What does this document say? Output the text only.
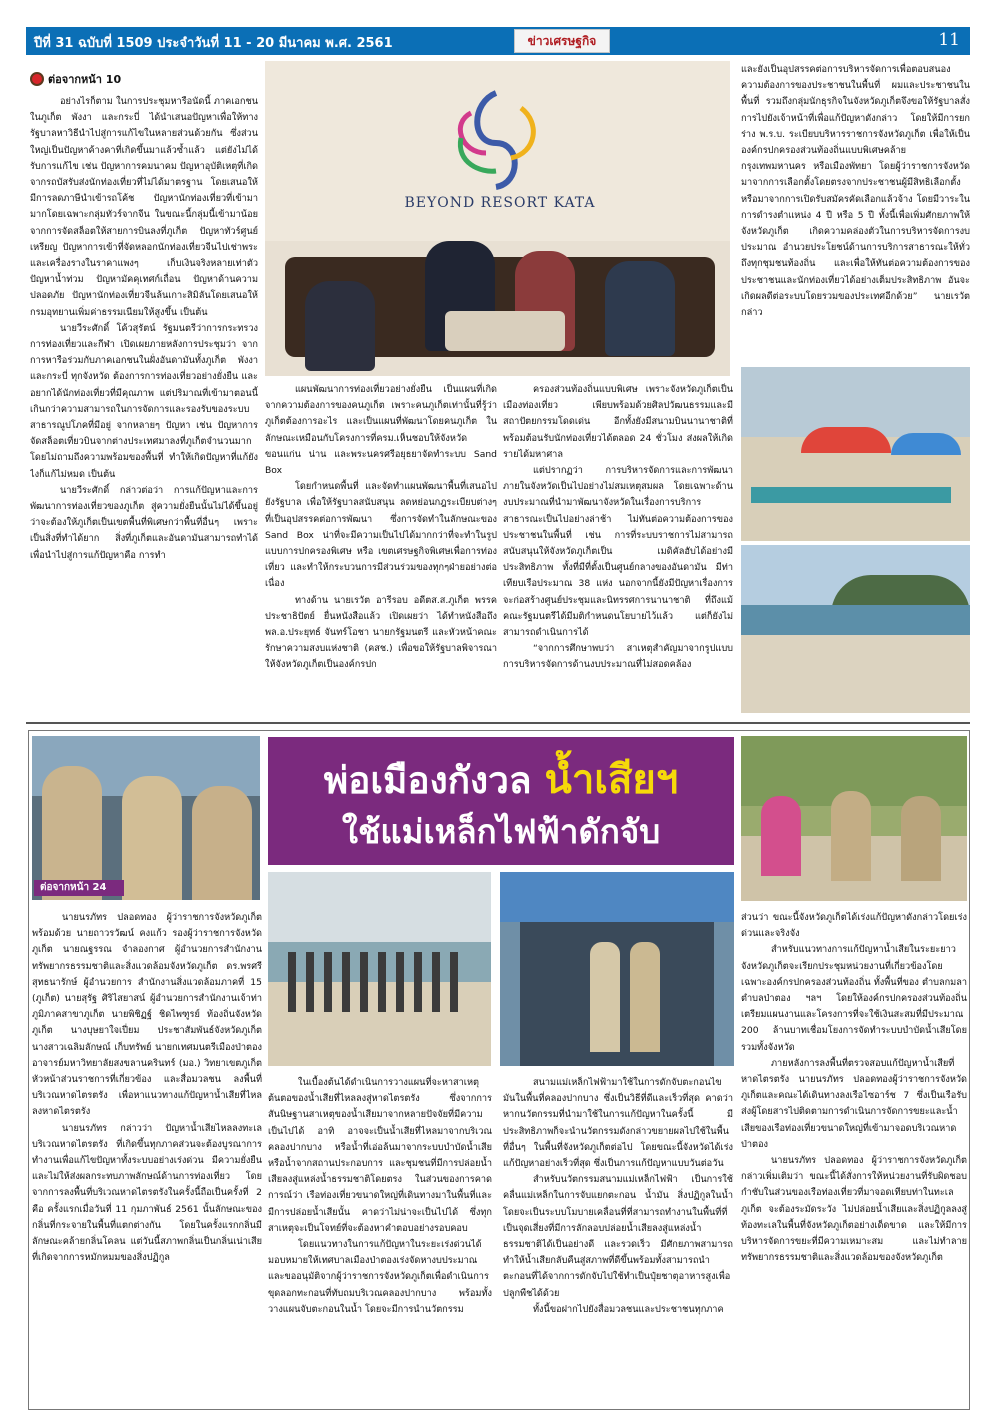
ปีที่ 31 ฉบับที่ 1509 ประจำวันที่ 11 - 20 มีนาคม พ.ศ. 2561	ข่าวเศรษฐกิจ	11
ต่อจากหน้า 10

อย่างไรก็ตาม ในการประชุมหารือนัดนี้ ภาคเอกชนในภูเก็ต พังงา และกระบี่ ได้นำเสนอปัญหาเพื่อให้ทางรัฐบาลหาวิธีนำไปสู่การแก้ไขในหลายส่วนด้วยกัน ซึ่งส่วนใหญ่เป็นปัญหาค้างคาที่เกิดขึ้นมาแล้วซ้ำแล้ว แต่ยังไม่ได้รับการแก้ไข เช่น ปัญหาการคมนาคม ปัญหาอุบัติเหตุที่เกิดจากรถบัสรับส่งนักท่องเที่ยวที่ไม่ได้มาตรฐาน โดยเสนอให้มีการลดภาษีนำเข้ารถโค้ช ปัญหานักท่องเที่ยวที่เข้ามามากโดยเฉพาะกลุ่มทัวร์จากจีน ในขณะนี้กลุ่มนี้เข้ามาน้อยจากการจัดสล็อตให้สายการบินลงที่ภูเก็ต ปัญหาทัวร์ศูนย์เหรียญ ปัญหาการเข้าที่จัดหลอกนักท่องเที่ยวจีนไปเช่าพระ และเครื่องรางในราคาแพงๆ เก็บเงินจริงหลายเท่าตัว ปัญหาน้ำท่วม ปัญหามัคคุเทศก์เถื่อน ปัญหาด้านความปลอดภัย ปัญหานักท่องเที่ยวจีนล้นเกาะสิมิลันโดยเสนอให้กรมอุทยานเพิ่มค่าธรรมเนียมให้สูงขึ้น เป็นต้น

นายวีระศักดิ์ โค้วสุรัตน์ รัฐมนตรีว่าการกระทรวงการท่องเที่ยวและกีฬา เปิดเผยภายหลังการประชุมว่า จากการหารือร่วมกับภาคเอกชนในฝั่งอันดามันทั้งภูเก็ต พังงา และกระบี่ ทุกจังหวัด ต้องการการท่องเที่ยวอย่างยั่งยืน และอยากได้นักท่องเที่ยวที่มีคุณภาพ แต่ปริมาณที่เข้ามาตอนนี้เกินกว่าความสามารถในการจัดการและรองรับของระบบสาธารณูปโภคที่มีอยู่ จากหลายๆ ปัญหา เช่น ปัญหาการจัดสล็อตเที่ยวบินจากต่างประเทศมาลงที่ภูเก็ตจำนวนมาก โดยไม่ถามถึงความพร้อมของพื้นที่ ทำให้เกิดปัญหาที่แก้ยังไงก็แก้ไม่หมด เป็นต้น

นายวีระศักดิ์ กล่าวต่อว่า การแก้ปัญหาและการพัฒนาการท่องเที่ยวของภูเก็ต สู่ความยั่งยืนนั้นไม่ได้ขึ้นอยู่ว่าจะต้องให้ภูเก็ตเป็นเขตพื้นที่พิเศษกว่าพื้นที่อื่นๆ เพราะเป็นสิ่งที่ทำได้ยาก สิ่งที่ภูเก็ตและอันดามันสามารถทำได้เพื่อนำไปสู่การแก้ปัญหาคือ การทำ

BEYOND RESORT KATA

แผนพัฒนาการท่องเที่ยวอย่างยั่งยืน เป็นแผนที่เกิดจากความต้องการของคนภูเก็ต เพราะคนภูเก็ตเท่านั้นที่รู้ว่าภูเก็ตต้องการอะไร และเป็นแผนที่พัฒนาโดยคนภูเก็ต ในลักษณะเหมือนกับโครงการที่ครม.เห็นชอบให้จังหวัดขอนแก่น น่าน และพระนครศรีอยุธยาจัดทำระบบ Sand Box

โดยกำหนดพื้นที่ และจัดทำแผนพัฒนาพื้นที่เสนอไปยังรัฐบาล เพื่อให้รัฐบาลสนับสนุน ลดหย่อนกฎระเบียบต่างๆ ที่เป็นอุปสรรคต่อการพัฒนา ซึ่งการจัดทำในลักษณะของ Sand Box น่าที่จะมีความเป็นไปได้มากกว่าที่จะทำในรูปแบบการปกครองพิเศษ หรือ เขตเศรษฐกิจพิเศษเพื่อการท่องเที่ยว และทำให้กระบวนการมีส่วนร่วมของทุกๆฝ่ายอย่างต่อเนื่อง

ทางด้าน นายเรวัต อารีรอบ อดีตส.ส.ภูเก็ต พรรคประชาธิปัตย์ ยื่นหนังสือแล้ว เปิดเผยว่า ได้ทำหนังสือถึงพล.อ.ประยุทธ์ จันทร์โอชา นายกรัฐมนตรี และหัวหน้าคณะรักษาความสงบแห่งชาติ (คสช.) เพื่อขอให้รัฐบาลพิจารณาให้จังหวัดภูเก็ตเป็นองค์กรปก

ครองส่วนท้องถิ่นแบบพิเศษ เพราะจังหวัดภูเก็ตเป็นเมืองท่องเที่ยว เพียบพร้อมด้วยศิลปวัฒนธรรมและมีสถาปัตยกรรมโดดเด่น อีกทั้งยังมีสนามบินนานาชาติที่พร้อมต้อนรับนักท่องเที่ยวได้ตลอด 24 ชั่วโมง ส่งผลให้เกิดรายได้มหาศาล

แต่ปรากฏว่า การบริหารจัดการและการพัฒนาภายในจังหวัดเป็นไปอย่างไม่สมเหตุสมผล โดยเฉพาะด้านงบประมาณที่นำมาพัฒนาจังหวัดในเรื่องการบริการสาธารณะเป็นไปอย่างล่าช้า ไม่ทันต่อความต้องการของประชาชนในพื้นที่ เช่น การที่ระบบราชการไม่สามารถสนับสนุนให้จังหวัดภูเก็ตเป็น เมดิคัลฮับได้อย่างมีประสิทธิภาพ ทั้งที่มีที่ตั้งเป็นศูนย์กลางของอันดามัน มีท่าเทียบเรือประมาณ 38 แห่ง นอกจากนี้ยังมีปัญหาเรื่องการจะก่อสร้างศูนย์ประชุมและนิทรรศการนานาชาติ ที่ถึงแม้คณะรัฐมนตรีได้มีมติกำหนดนโยบายไว้แล้ว แต่ก็ยังไม่สามารถดำเนินการได้

“จากการศึกษาพบว่า สาเหตุสำคัญมาจากรูปแบบการบริหารจัดการด้านงบประมาณที่ไม่สอดคล้อง

และยังเป็นอุปสรรคต่อการบริหารจัดการเพื่อตอบสนองความต้องการของประชาชนในพื้นที่ ผมและประชาชนในพื้นที่ รวมถึงกลุ่มนักธุรกิจในจังหวัดภูเก็ตจึงขอให้รัฐบาลสั่งการไปยังเจ้าหน้าที่เพื่อแก้ปัญหาดังกล่าว โดยให้มีการยกร่าง พ.ร.บ. ระเบียบบริหารราชการจังหวัดภูเก็ต เพื่อให้เป็นองค์กรปกครองส่วนท้องถิ่นแบบพิเศษคล้ายกรุงเทพมหานคร หรือเมืองพัทยา โดยผู้ว่าราชการจังหวัดมาจากการเลือกตั้งโดยตรงจากประชาชนผู้มีสิทธิเลือกตั้ง หรือมาจากการเปิดรับสมัครคัดเลือกแล้วจ้าง โดยมีวาระในการดำรงตำแหน่ง 4 ปี หรือ 5 ปี ทั้งนี้เพื่อเพิ่มศักยภาพให้จังหวัดภูเก็ต เกิดความคล่องตัวในการบริหารจัดการงบประมาณ อำนวยประโยชน์ด้านการบริการสาธารณะให้ทั่วถึงทุกชุมชนท้องถิ่น และเพื่อให้ทันต่อความต้องการของประชาชนและนักท่องเที่ยวได้อย่างเต็มประสิทธิภาพ อันจะเกิดผลดีต่อระบบโดยรวมของประเทศอีกด้วย” นายเรวัตกล่าว

ต่อจากหน้า 24
พ่อเมืองกังวล น้ำเสียฯ
ใช้แม่เหล็กไฟฟ้าดักจับ

นายนรภัทร ปลอดทอง ผู้ว่าราชการจังหวัดภูเก็ต พร้อมด้วย นายถาวรวัฒน์ คงแก้ว รองผู้ว่าราชการจังหวัดภูเก็ต นายณฐรรณ จำลองกาศ ผู้อำนวยการสำนักงานทรัพยากรธรรมชาติและสิ่งแวดล้อมจังหวัดภูเก็ต ดร.พรศรี สุทธนารักษ์ ผู้อำนวยการ สำนักงานสิ่งแวดล้อมภาคที่ 15 (ภูเก็ต) นายสุรัฐ ศิริไสยาสน์ ผู้อำนวยการสำนักงานเจ้าท่า ภูมิภาคสาขาภูเก็ต นายพิชิฏฐ์ ชิดไพฑูรย์ ท้องถิ่นจังหวัดภูเก็ต นางบุษยาใจเปี่ยม ประชาสัมพันธ์จังหวัดภูเก็ต นางสาวเฉลิมลักษณ์ เก็บทรัพย์ นายกเทศมนตรีเมืองป่าตอง อาจารย์มหาวิทยาลัยสงขลานครินทร์ (มอ.) วิทยาเขตภูเก็ต หัวหน้าส่วนราชการที่เกี่ยวข้อง และสื่อมวลชน ลงพื้นที่บริเวณหาดไตรตรัง เพื่อหาแนวทางแก้ปัญหาน้ำเสียที่ไหลลงหาดไตรตรัง

นายนรภัทร กล่าวว่า ปัญหาน้ำเสียไหลลงทะเลบริเวณหาดไตรตรัง ที่เกิดขึ้นทุกภาคส่วนจะต้องบูรณาการทำงานเพื่อแก้ไขปัญหาทั้งระบบอย่างเร่งด่วน มีความยั่งยืน และไม่ให้ส่งผลกระทบภาพลักษณ์ด้านการท่องเที่ยว โดยจากการลงพื้นที่บริเวณหาดไตรตรังในครั้งนี้ถือเป็นครั้งที่ 2 คือ ครั้งแรกเมื่อวันที่ 11 กุมภาพันธ์ 2561 นั้นลักษณะของกลิ่นที่กระจายในพื้นที่แตกต่างกัน โดยในครั้งแรกกลิ่นมีลักษณะคล้ายกลิ่นโคลน แต่วันนี้สภาพกลิ่นเป็นกลิ่นเน่าเสียที่เกิดจากการหมักหมมของสิ่งปฏิกูล

ในเบื้องต้นได้ดำเนินการวางแผนที่จะหาสาเหตุต้นตอของน้ำเสียที่ไหลลงสู่หาดไตรตรัง ซึ่งจากการสันนิษฐานสาเหตุของน้ำเสียมาจากหลายปัจจัยที่มีความเป็นไปได้ อาทิ อาจจะเป็นน้ำเสียที่ไหลมาจากบริเวณคลองปากบาง หรือน้ำที่เอ่อล้นมาจากระบบบำบัดน้ำเสีย หรือน้ำจากสถานประกอบการ และชุมชนที่มีการปล่อยน้ำเสียลงสู่แหล่งน้ำธรรมชาติโดยตรง ในส่วนของการคาดการณ์ว่า เรือท่องเที่ยวขนาดใหญ่ที่เดินทางมาในพื้นที่และมีการปล่อยน้ำเสียนั้น คาดว่าไม่น่าจะเป็นไปได้ ซึ่งทุกสาเหตุจะเป็นโจทย์ที่จะต้องหาคำตอบอย่างรอบคอบ

โดยแนวทางในการแก้ปัญหาในระยะเร่งด่วนได้มอบหมายให้เทศบาลเมืองป่าตองเร่งจัดหางบประมาณ และขออนุมัติจากผู้ว่าราชการจังหวัดภูเก็ตเพื่อดำเนินการขุดลอกทะกอนที่ทับถมบริเวณคลองปากบาง พร้อมทั้งวางแผนจับตะกอนในน้ำ โดยจะมีการนำนวัตกรรม

สนามแม่เหล็กไฟฟ้ามาใช้ในการดักจับตะกอนไขมันในพื้นที่คลองปากบาง ซึ่งเป็นวิธีที่ดีและเร็วที่สุด คาดว่าหากนวัตกรรมที่นำมาใช้ในการแก้ปัญหาในครั้งนี้ มีประสิทธิภาพก็จะนำนวัตกรรมดังกล่าวขยายผลไปใช้ในพื้นที่อื่นๆ ในพื้นที่จังหวัดภูเก็ตต่อไป โดยขณะนี้จังหวัดได้เร่งแก้ปัญหาอย่างเร็วที่สุด ซึ่งเป็นการแก้ปัญหาแบบวันต่อวัน

สำหรับนวัตกรรมสนามแม่เหล็กไฟฟ้า เป็นการใช้คลื่นแม่เหล็กในการจับแยกตะกอน น้ำมัน สิ่งปฏิกูลในน้ำ โดยจะเป็นระบบโมบายเคลื่อนที่ที่สามารถทำงานในพื้นที่ที่เป็นจุดเสี่ยงที่มีการลักลอบปล่อยน้ำเสียลงสู่แหล่งน้ำธรรมชาติได้เป็นอย่างดี และรวดเร็ว มีศักยภาพสามารถทำให้น้ำเสียกลับคืนสู่สภาพที่ดีขึ้นพร้อมทั้งสามารถนำตะกอนที่ได้จากการดักจับไปใช้ทำเป็นปุ๋ยชาตุอาหารสูงเพื่อปลูกพืชได้ด้วย

ทั้งนี้ขอฝากไปยังสื่อมวลชนและประชาชนทุกภาค

ส่วนว่า ขณะนี้จังหวัดภูเก็ตได้เร่งแก้ปัญหาดังกล่าวโดยเร่งด่วนและจริงจัง

สำหรับแนวทางการแก้ปัญหาน้ำเสียในระยะยาวจังหวัดภูเก็ตจะเรียกประชุมหน่วยงานที่เกี่ยวข้องโดยเฉพาะองค์กรปกครองส่วนท้องถิ่น ทั้งพื้นที่ของ ตำบลกมลา ตำบลป่าตอง ฯลฯ โดยให้องค์กรปกครองส่วนท้องถิ่น เตรียมแผนงานและโครงการที่จะใช้เงินสะสมที่มีประมาณ 200 ล้านบาทเชื่อมโยงการจัดทำระบบบำบัดน้ำเสียโดยรวมทั้งจังหวัด

ภายหลังการลงพื้นที่ตรวจสอบแก้ปัญหาน้ำเสียที่หาดไตรตรัง นายนรภัทร ปลอดทองผู้ว่าราชการจังหวัดภูเก็ตและคณะได้เดินทางลงเรือไซอาร์ช 7 ซึ่งเป็นเรือรับส่งผู้โดยสารไปติดตามการดำเนินการจัดการขยะและน้ำเสียของเรือท่องเที่ยวขนาดใหญ่ที่เข้ามาจอดบริเวณหาดป่าตอง

นายนรภัทร ปลอดทอง ผู้ว่าราชการจังหวัดภูเก็ต กล่าวเพิ่มเติมว่า ขณะนี้ได้สั่งการให้หน่วยงานที่รับผิดชอบกำชับในส่วนของเรือท่องเที่ยวที่มาจอดเทียบท่าในทะเลภูเก็ต จะต้องระมัดระวัง ไม่ปล่อยน้ำเสียและสิ่งปฏิกูลลงสู่ท้องทะเลในพื้นที่จังหวัดภูเก็ตอย่างเด็ดขาด และให้มีการบริหารจัดการขยะที่มีความเหมาะสม และไม่ทำลายทรัพยากรธรรมชาติและสิ่งแวดล้อมของจังหวัดภูเก็ต
